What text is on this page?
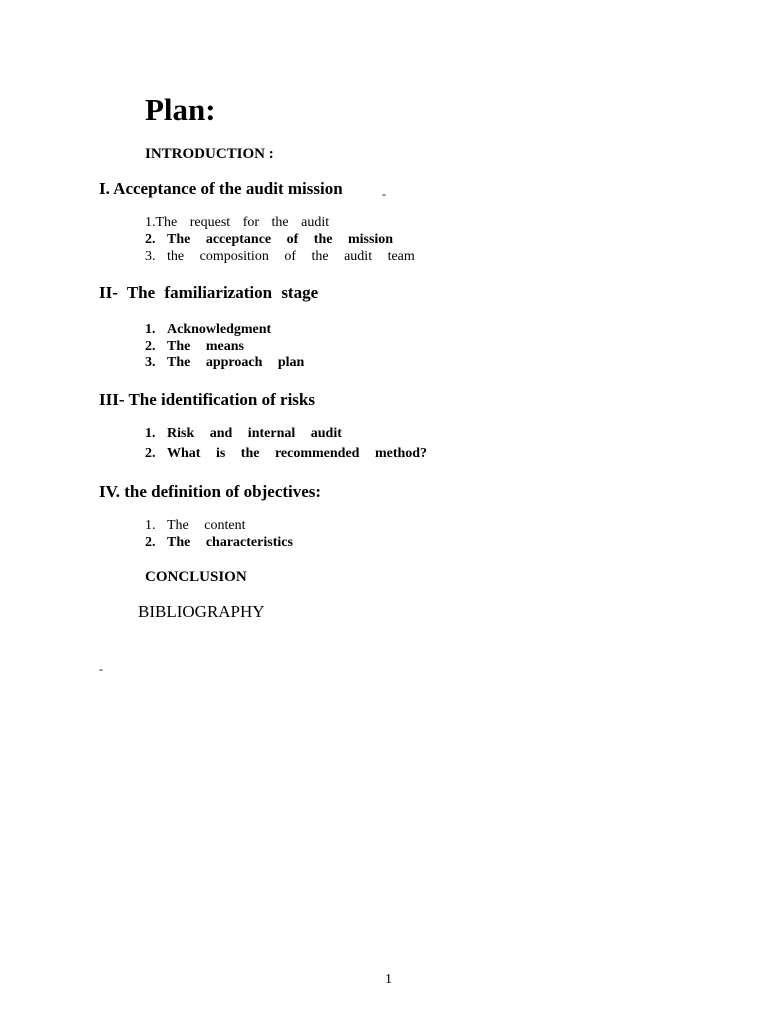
Plan:
INTRODUCTION :
I. Acceptance of the audit mission	-
1.The request for the audit
2. The acceptance of the mission
3. the composition of the audit team
II- The familiarization stage
1. Acknowledgment
2. The means
3. The approach plan
III- The identification of risks
1. Risk and internal audit
2. What is the recommended method?
IV. the definition of objectives:
1. The content
2. The characteristics
CONCLUSION
BIBLIOGRAPHY
-
1
